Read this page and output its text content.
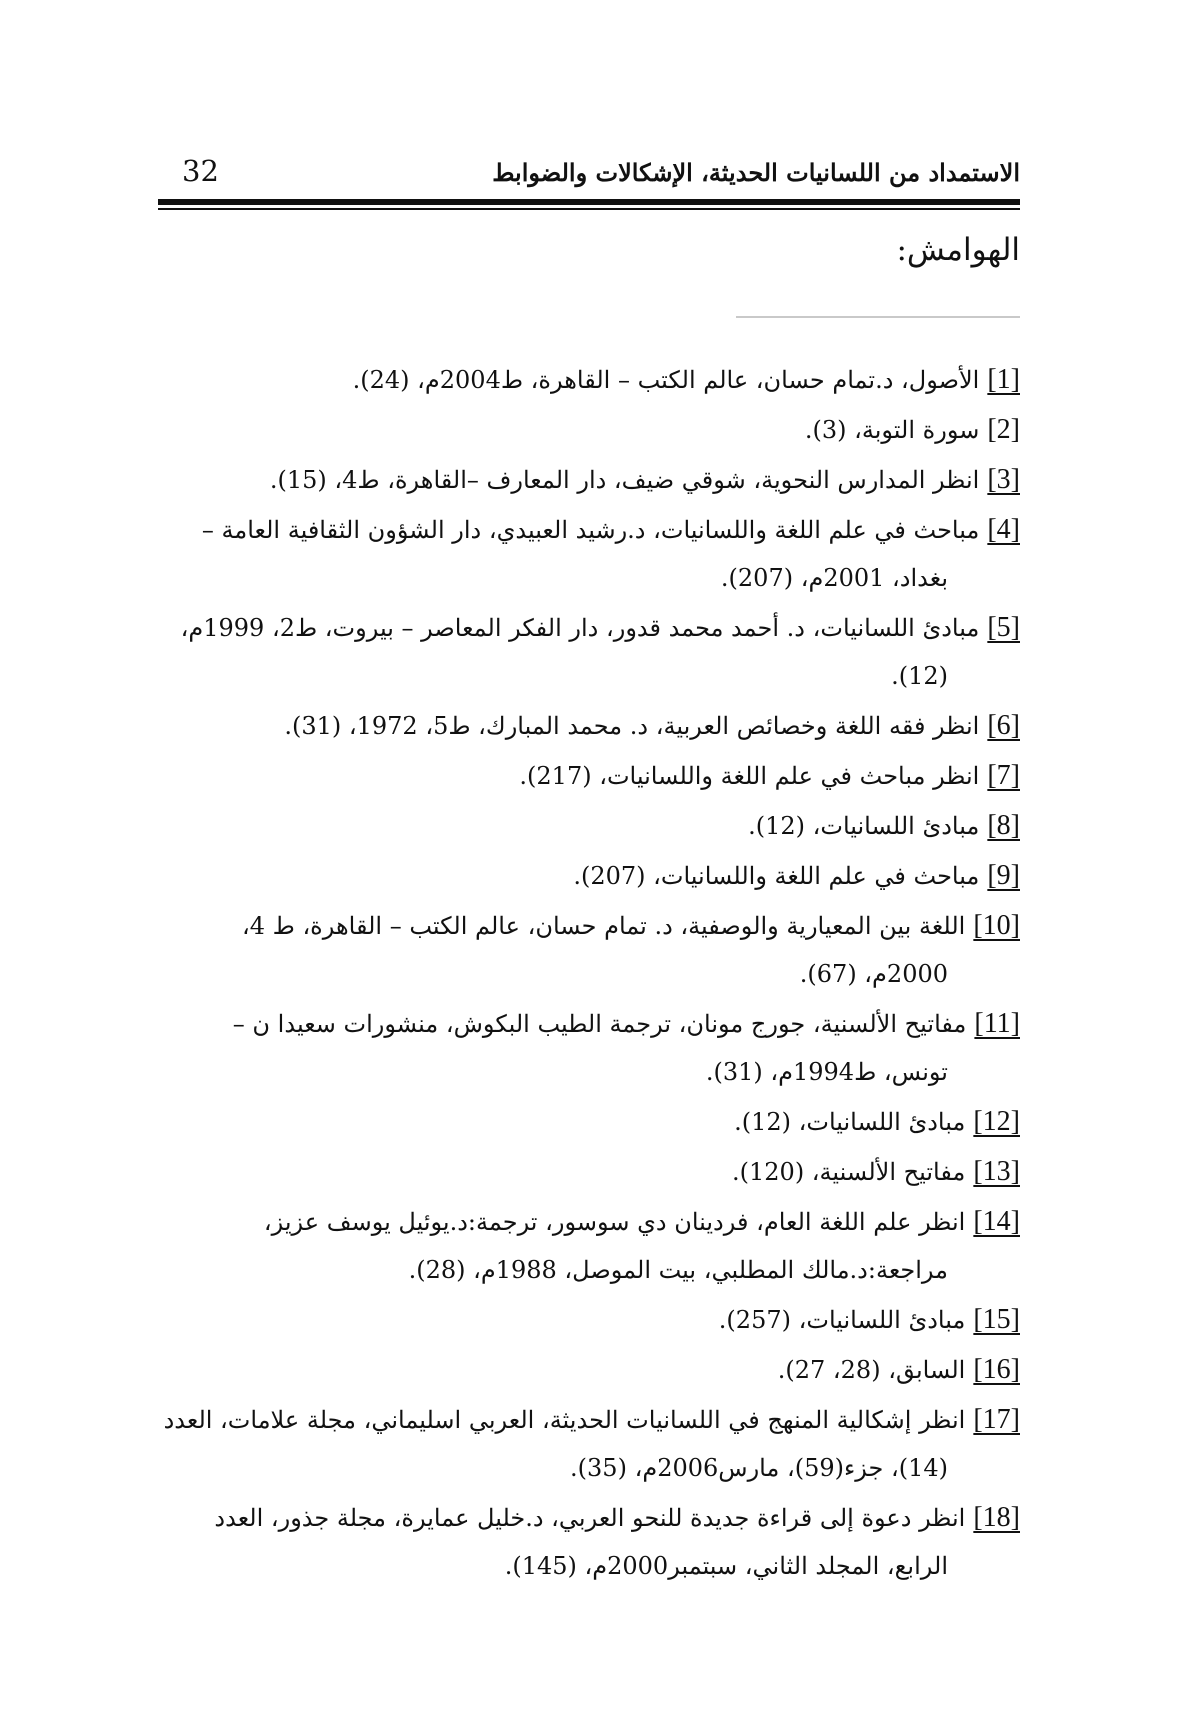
الاستمداد من اللسانيات الحديثة، الإشكالات والضوابط
32
الهوامش:
[1]الأصول، د.تمام حسان، عالم الكتب – القاهرة، ط2004م، (24).
[2]سورة التوبة، (3).
[3]انظر المدارس النحوية، شوقي ضيف، دار المعارف –القاهرة، ط4، (15).
[4]مباحث في علم اللغة واللسانيات، د.رشيد العبيدي، دار الشؤون الثقافية العامة –
بغداد، 2001م، (207).
[5]مبادئ اللسانيات، د. أحمد محمد قدور، دار الفكر المعاصر – بيروت، ط2، 1999م،
(12).
[6]انظر فقه اللغة وخصائص العربية، د. محمد المبارك، ط5، 1972، (31).
[7]انظر مباحث في علم اللغة واللسانيات، (217).
[8]مبادئ اللسانيات، (12).
[9]مباحث في علم اللغة واللسانيات، (207).
[10]اللغة بين المعيارية والوصفية، د. تمام حسان، عالم الكتب – القاهرة، ط 4،
2000م، (67).
[11]مفاتيح الألسنية، جورج مونان، ترجمة الطيب البكوش، منشورات سعيدا ن –
تونس، ط1994م، (31).
[12]مبادئ اللسانيات، (12).
[13]مفاتيح الألسنية، (120).
[14]انظر علم اللغة العام، فردينان دي سوسور، ترجمة:د.يوئيل يوسف عزيز،
مراجعة:د.مالك المطلبي، بيت الموصل، 1988م، (28).
[15]مبادئ اللسانيات، (257).
[16]السابق، (28، 27).
[17]انظر إشكالية المنهج في اللسانيات الحديثة، العربي اسليماني، مجلة علامات، العدد
(14)، جزء(59)، مارس2006م، (35).
[18]انظر دعوة إلى قراءة جديدة للنحو العربي، د.خليل عمايرة، مجلة جذور، العدد
الرابع، المجلد الثاني، سبتمبر2000م، (145).
